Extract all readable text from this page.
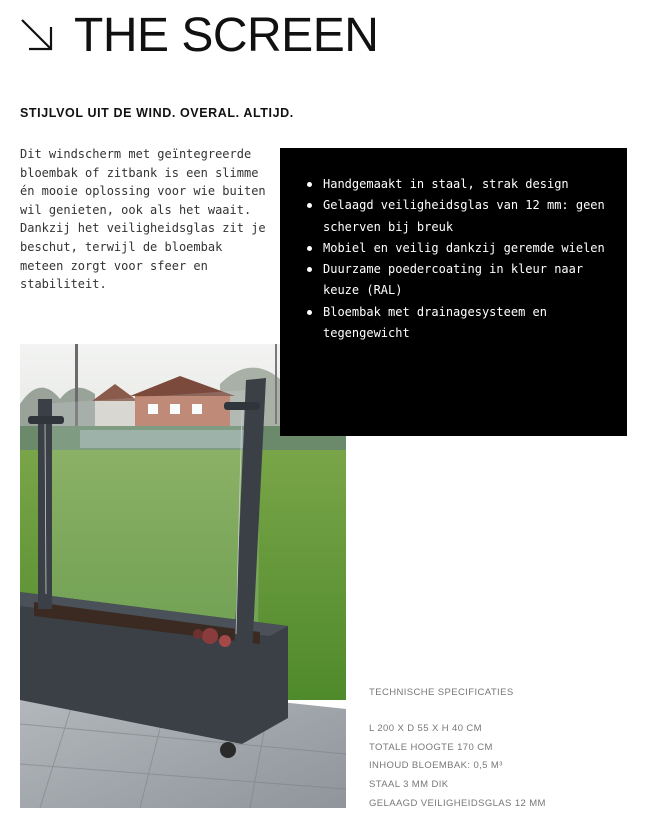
THE SCREEN

STIJLVOL UIT DE WIND. OVERAL. ALTIJD.

Dit windscherm met geïntegreerde bloembak of zitbank is een slimme én mooie oplossing voor wie buiten wil genieten, ook als het waait. Dankzij het veiligheidsglas zit je beschut, terwijl de bloembak meteen zorgt voor sfeer en stabiliteit.

Handgemaakt in staal, strak design
Gelaagd veiligheidsglas van 12 mm: geen scherven bij breuk
Mobiel en veilig dankzij geremde wielen
Duurzame poedercoating in kleur naar keuze (RAL)
Bloembak met drainagesysteem en tegengewicht

TECHNISCHE SPECIFICATIES

L 200 X D 55 X H 40 CM
TOTALE HOOGTE 170 CM
INHOUD BLOEMBAK: 0,5 M³
STAAL 3 MM DIK
GELAAGD VEILIGHEIDSGLAS 12 MM
